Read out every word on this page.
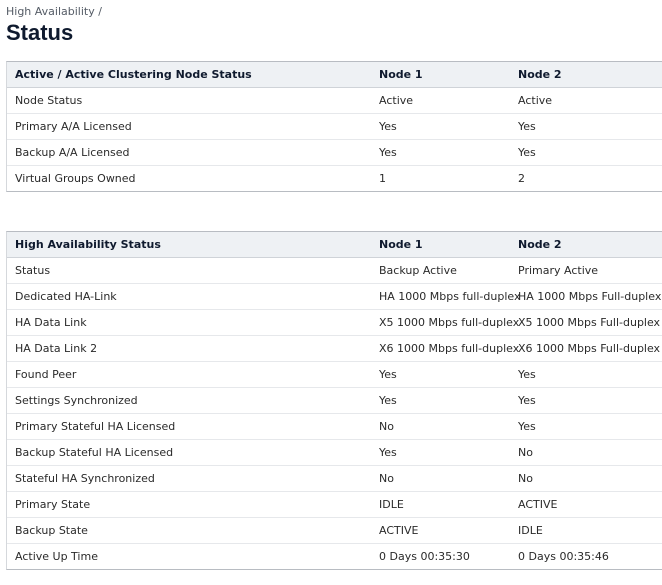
High Availability /
Status
Active / Active Clustering Node Status	Node 1	Node 2
Node Status	Active	Active
Primary A/A Licensed	Yes	Yes
Backup A/A Licensed	Yes	Yes
Virtual Groups Owned	1	2
High Availability Status	Node 1	Node 2
Status	Backup Active	Primary Active
Dedicated HA-Link	HA 1000 Mbps full-duplex	HA 1000 Mbps Full-duplex
HA Data Link	X5 1000 Mbps full-duplex	X5 1000 Mbps Full-duplex
HA Data Link 2	X6 1000 Mbps full-duplex	X6 1000 Mbps Full-duplex
Found Peer	Yes	Yes
Settings Synchronized	Yes	Yes
Primary Stateful HA Licensed	No	Yes
Backup Stateful HA Licensed	Yes	No
Stateful HA Synchronized	No	No
Primary State	IDLE	ACTIVE
Backup State	ACTIVE	IDLE
Active Up Time	0 Days 00:35:30	0 Days 00:35:46
